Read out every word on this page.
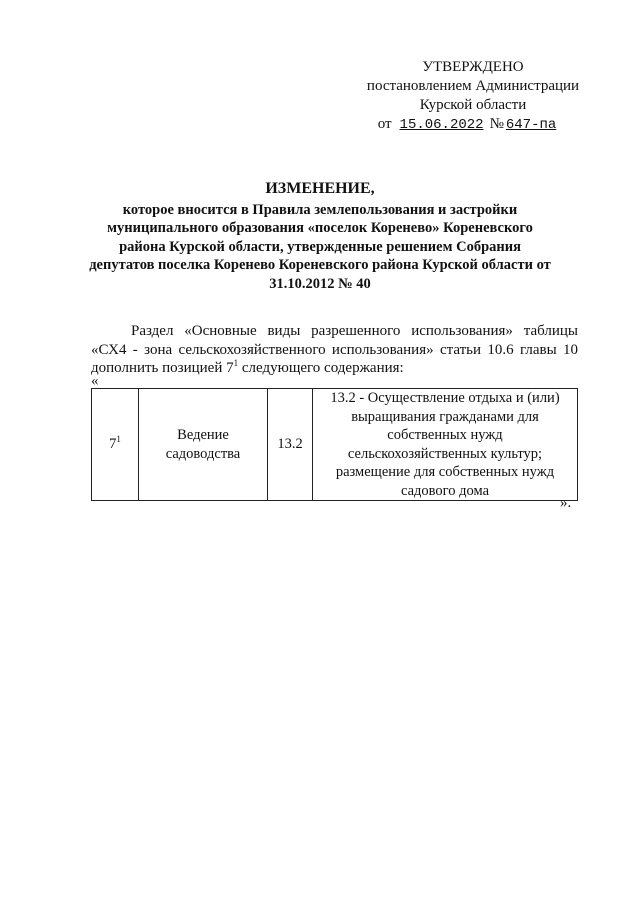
УТВЕРЖДЕНО
постановлением Администрации
Курской области
от 15.06.2022 № 647-па
ИЗМЕНЕНИЕ,
которое вносится в Правила землепользования и застройки
муниципального образования «поселок Кореневo» Кореневского
района Курской области, утвержденные решением Собрания
депутатов поселка Коренево Кореневского района Курской области от
31.10.2012 № 40
Раздел «Основные виды разрешенного использования» таблицы
«СХ4 - зона сельскохозяйственного использования» статьи 10.6 главы 10
дополнить позицией $7^1$ следующего содержания:
«
$7^1$	Ведение садоводства	13.2	13.2 - Осуществление отдыха и (или) выращивания гражданами для собственных нужд сельскохозяйственных культур; размещение для собственных нужд садового дома
».
